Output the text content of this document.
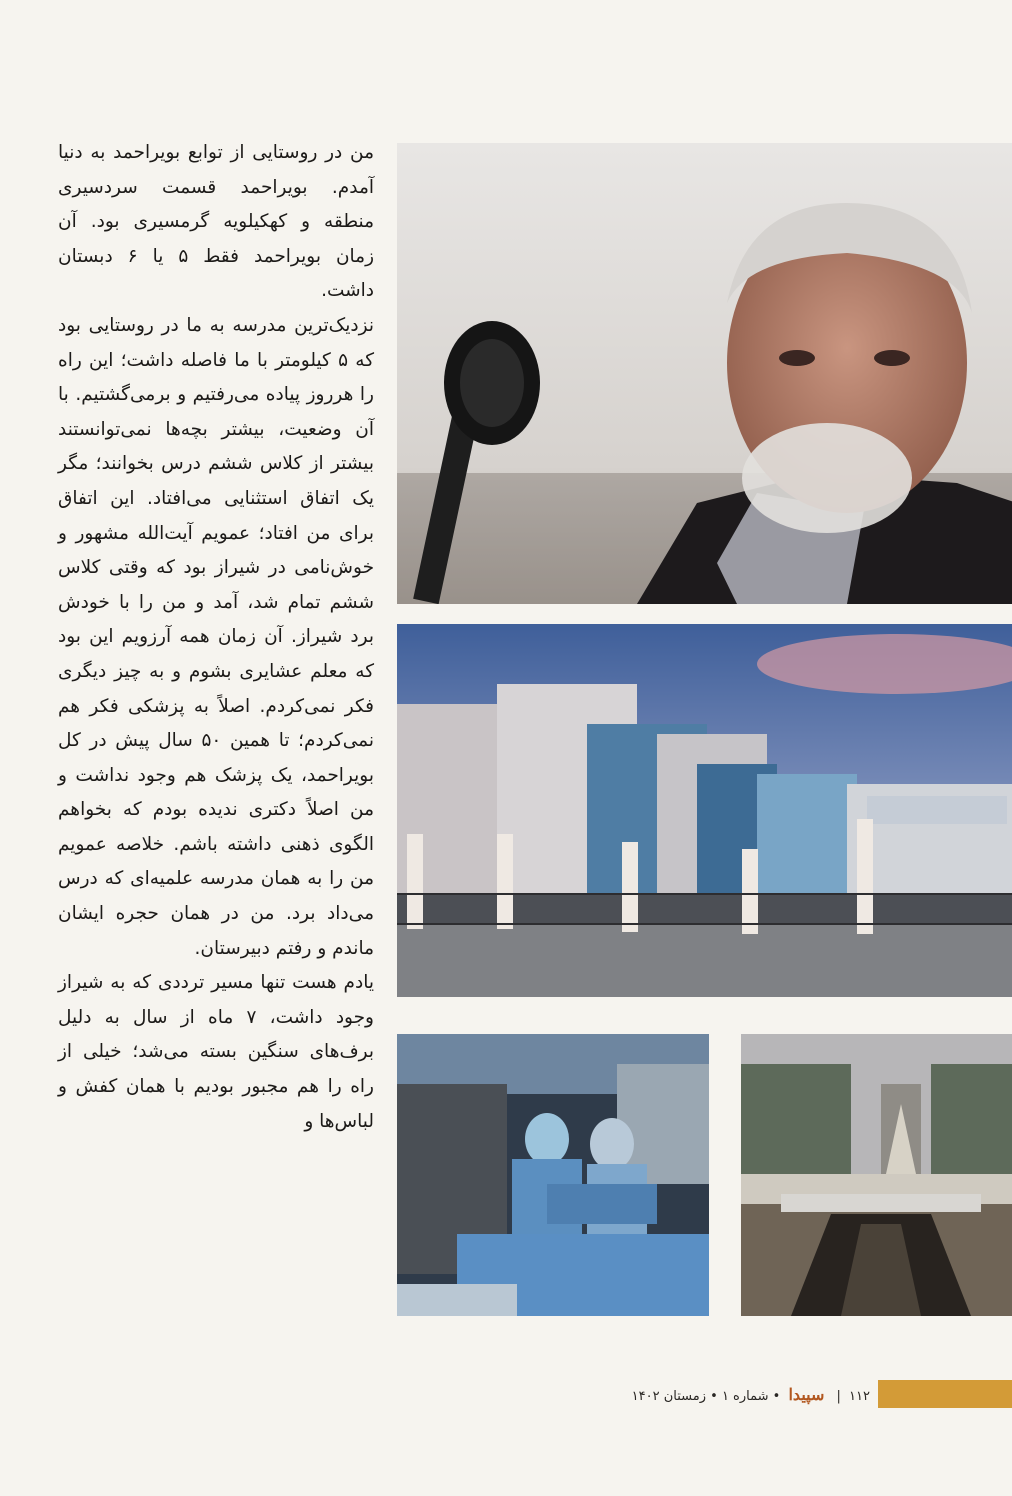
من در روستایی از توابع بویراحمد به دنیا آمدم. بویراحمد قسمت سردسیری منطقه و کهکیلویه گرمسیری بود. آن زمان بویراحمد فقط ۵ یا ۶ دبستان داشت.

نزدیک‌ترین مدرسه به ما در روستایی بود که ۵ کیلومتر با ما فاصله داشت؛ این راه را هرروز پیاده می‌رفتیم و برمی‌گشتیم. با آن وضعیت، بیشتر بچه‌ها نمی‌توانستند بیشتر از کلاس ششم درس بخوانند؛ مگر یک اتفاق استثنایی می‌افتاد. این اتفاق برای من افتاد؛ عمویم آیت‌الله مشهور و خوش‌نامی در شیراز بود که وقتی کلاس ششم تمام شد، آمد و من را با خودش برد شیراز. آن زمان همه آرزویم این بود که معلم عشایری بشوم و به چیز دیگری فکر نمی‌کردم. اصلاً به پزشکی فکر هم نمی‌کردم؛ تا همین ۵۰ سال پیش در کل بویراحمد، یک پزشک هم وجود نداشت و من اصلاً دکتری ندیده بودم که بخواهم الگوی ذهنی داشته باشم. خلاصه عمویم من را به همان مدرسه علمیه‌ای که درس می‌داد برد. من در همان حجره ایشان ماندم و رفتم دبیرستان.

یادم هست تنها مسیر ترددی که به شیراز وجود داشت، ۷ ماه از سال به دلیل برف‌های سنگین بسته می‌شد؛ خیلی از راه را هم مجبور بودیم با همان کفش و لباس‌ها و

۱۱۲ | سپیدا • شماره ۱ • زمستان ۱۴۰۲
